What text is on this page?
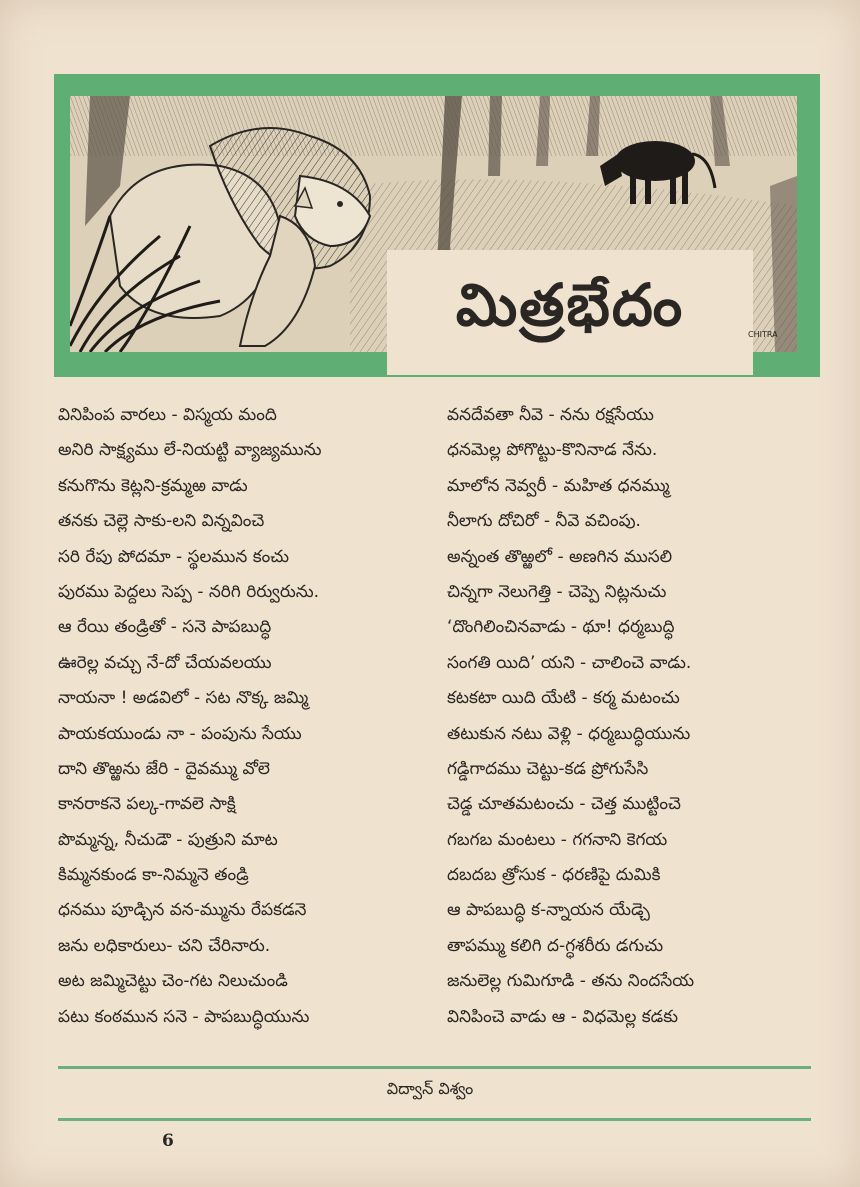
మిత్రభేదం	CHITRA
వినిపింప వారలు - విస్మయ మంది
అనిరి సాక్ష్యము లే-నియట్టి వ్యాజ్యమును
కనుగొను కెట్లని-క్రమ్మఱ వాడు
తనకు చెల్లె సాకు-లని విన్నవించె
సరి రేపు పోదమా - స్థలమున కంచు
పురము పెద్దలు సెప్ప - నరిగి రిర్వురును.
ఆ రేయి తండ్రితో - సనె పాపబుద్ధి
ఊరెల్ల వచ్చు నే-దో చేయవలయు
నాయనా ! అడవిలో - సట నొక్క జమ్మి
పాయకయుండు నా - పంపును సేయు
దాని తొఱ్ఱను జేరి - దైవమ్ము వోలె
కానరాకనె పల్క-గావలె సాక్షి
పొమ్మన్న, నీచుడౌ - పుత్రుని మాట
కిమ్మనకుండ కా-నిమ్మనె తండ్రి
ధనము పూడ్చిన వన-మ్మును రేపకడనె
జను లధికారులు- చని చేరినారు.
అట జమ్మిచెట్టు చెం-గట నిలుచుండి
పటు కంఠమున సనె - పాపబుద్ధియును
వనదేవతా నీవె - నను రక్షసేయు
ధనమెల్ల పోగొట్టు-కొనినాడ నేను.
మాలోన నెవ్వరీ - మహిత ధనమ్ము
నీలాగు దోచిరో - నీవె వచింపు.
అన్నంత తొఱ్ఱలో - అణగిన ముసలి
చిన్నగా నెలుగెత్తి - చెప్పె నిట్లనుచు
‘దొంగిలించినవాడు - థూ! ధర్మబుద్ధి
సంగతి యిది’ యని - చాలించె వాడు.
కటకటా యిది యేటి - కర్మ మటంచు
తటుకున నటు వెళ్లి - ధర్మబుద్ధియును
గడ్డిగాదము చెట్టు-కడ ప్రోగుసేసి
చెడ్డ చూతమటంచు - చెత్త ముట్టించె
గబగబ మంటలు - గగనాని కెగయ
దబదబ త్రోసుక - ధరణిపై దుమికి
ఆ పాపబుద్ధి క-న్నాయన యేడ్చె
తాపమ్ము కలిగి ద-గ్ధశరీరు డగుచు
జనులెల్ల గుమిగూడి - తను నిందసేయ
వినిపించె వాడు ఆ - విధమెల్ల కడకు
విద్వాన్ విశ్వం
6
